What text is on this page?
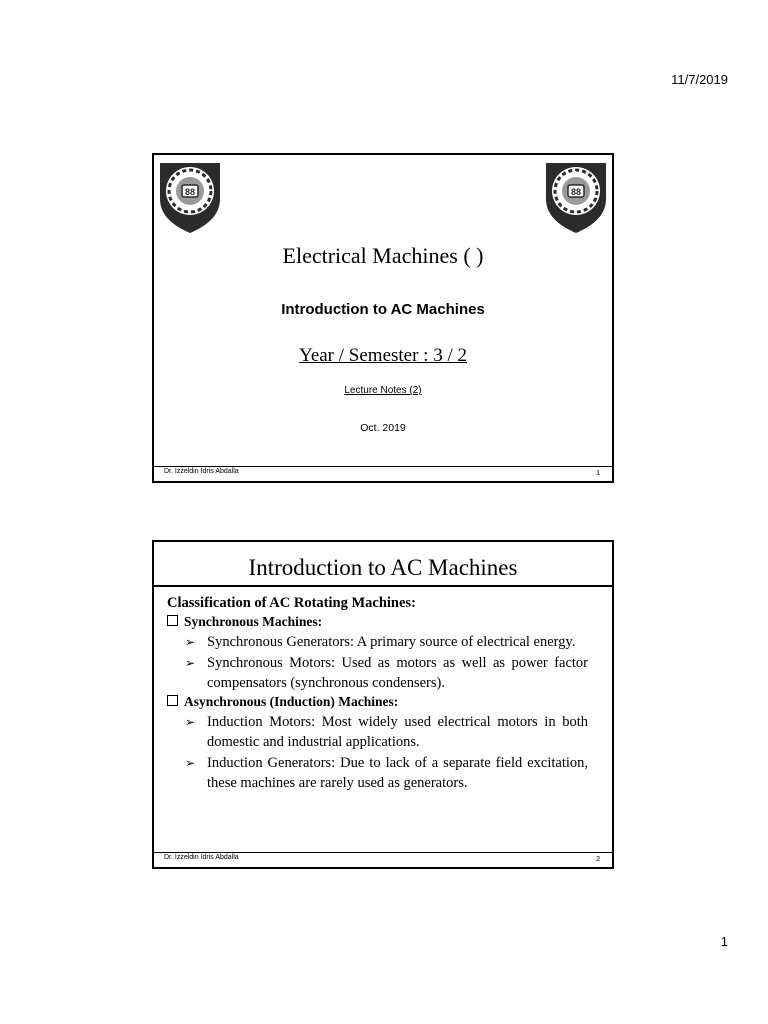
11/7/2019
88	88
Electrical Machines ( )
Introduction to AC Machines
Year / Semester : 3 / 2
Lecture Notes (2)
Oct. 2019
Dr. Izzeldin Idris Abdalla	1
Introduction to AC Machines
Classification of AC Rotating Machines:
Synchronous Machines:
➢ Synchronous Generators: A primary source of electrical energy.
➢ Synchronous Motors: Used as motors as well as power factor compensators (synchronous condensers).
Asynchronous (Induction) Machines:
➢ Induction Motors: Most widely used electrical motors in both domestic and industrial applications.
➢ Induction Generators: Due to lack of a separate field excitation, these machines are rarely used as generators.
Dr. Izzeldin Idris Abdalla	2
1
